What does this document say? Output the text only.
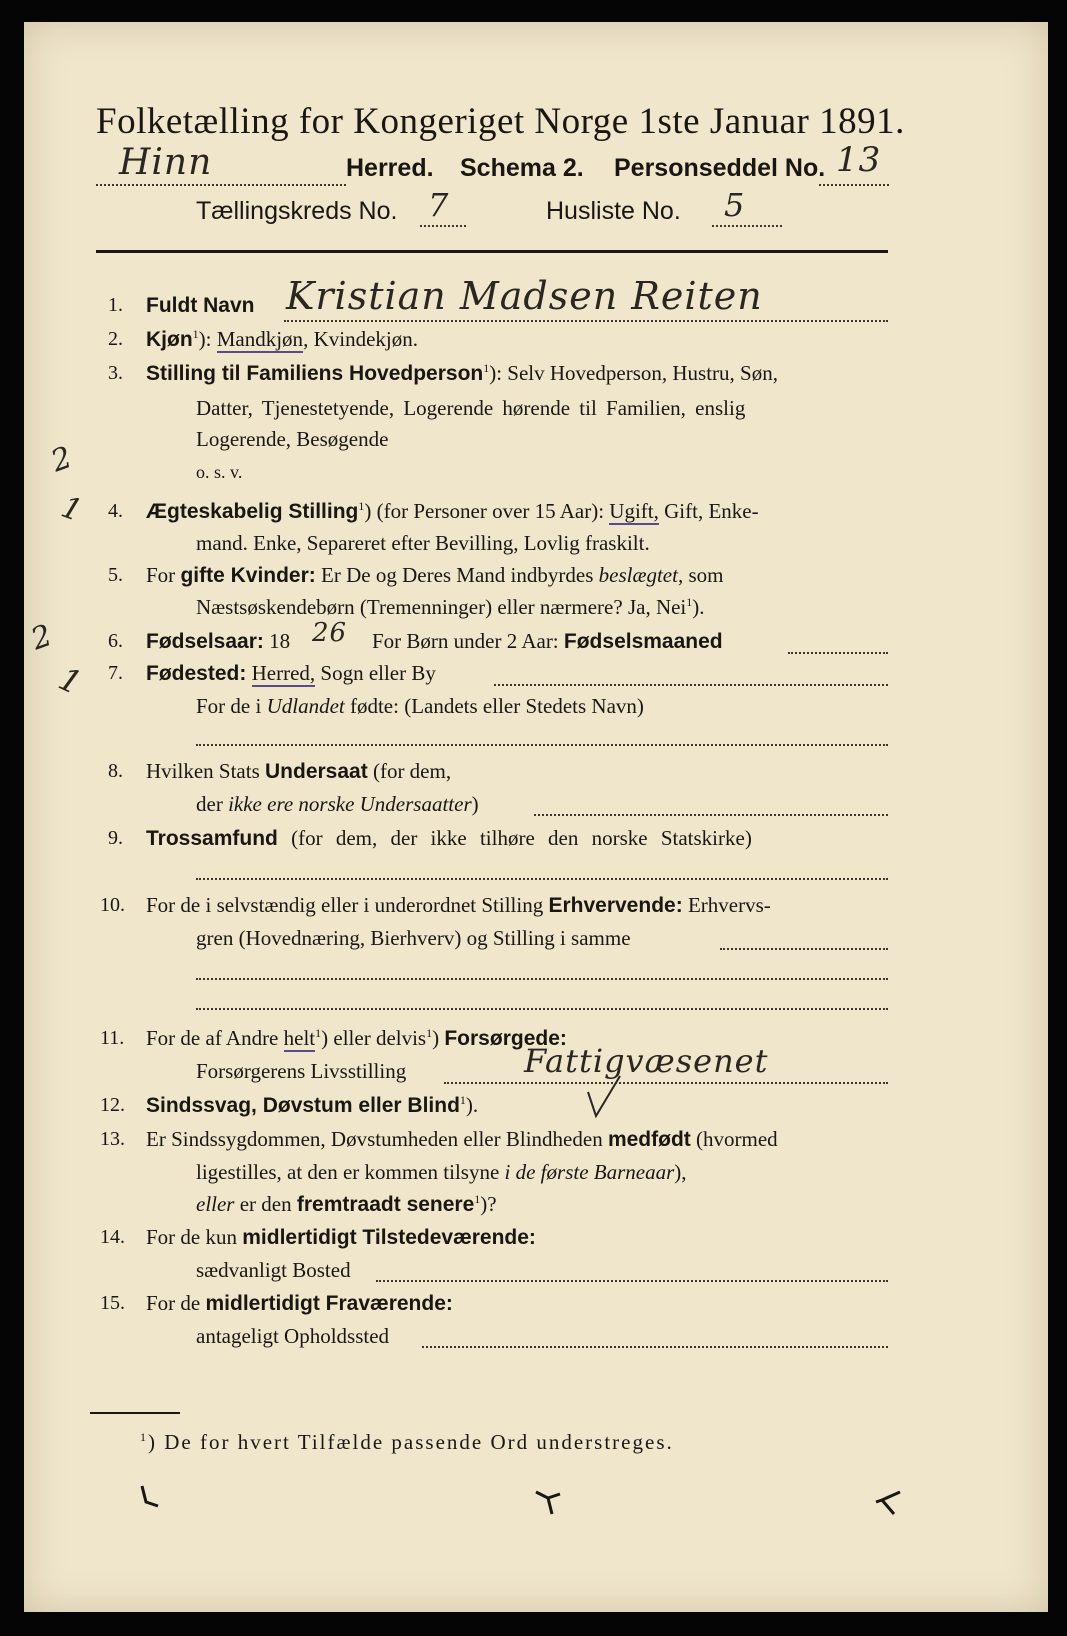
Folketælling for Kongeriget Norge 1ste Januar 1891.
Hinn	Herred. Schema 2. Personseddel No. 13
Tællingskreds No. 7	Husliste No. 5
1. Fuldt Navn Kristian Madsen Reiten
2. Kjøn$^1$): Mandkjøn, Kvindekjøn.
3. Stilling til Familiens Hovedperson$^1$): Selv Hovedperson, Hustru, Søn,
Datter, Tjenestetyende, Logerende hørende til Familien, enslig
Logerende, Besøgende
o. s. v.
4. Ægteskabelig Stilling$^1$) (for Personer over 15 Aar): Ugift, Gift, Enke-
mand. Enke, Separeret efter Bevilling, Lovlig fraskilt.
5. For gifte Kvinder: Er De og Deres Mand indbyrdes beslægtet, som
Næstsøskendebørn (Tremenninger) eller nærmere? Ja, Nei$^1$).
6. Fødselsaar: 18 26 For Børn under 2 Aar: Fødselsmaaned
7. Fødested: Herred, Sogn eller By
For de i Udlandet fødte: (Landets eller Stedets Navn)
8. Hvilken Stats Undersaat (for dem,
der ikke ere norske Undersaatter)
9. Trossamfund (for dem, der ikke tilhøre den norske Statskirke)
10. For de i selvstændig eller i underordnet Stilling Erhvervende: Erhvervs-
gren (Hovednæring, Bierhverv) og Stilling i samme
11. For de af Andre helt$^1$) eller delvis$^1$) Forsørgede:
Forsørgerens Livsstilling	Fattigvæsenet
12. Sindssvag, Døvstum eller Blind$^1$).
13. Er Sindssygdommen, Døvstumheden eller Blindheden medfødt (hvormed
ligestilles, at den er kommen tilsyne i de første Barneaar),
eller er den fremtraadt senere$^1$)?
14. For de kun midlertidigt Tilstedeværende:
sædvanligt Bosted
15. For de midlertidigt Fraværende:
antageligt Opholdssted
$^1$) De for hvert Tilfælde passende Ord understreges.
2
1
2
1
